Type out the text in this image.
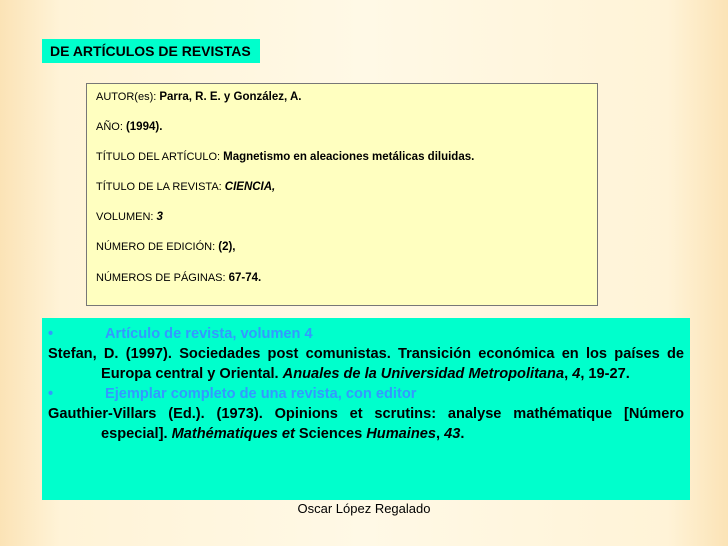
DE ARTÍCULOS DE REVISTAS
AUTOR(es): Parra, R. E. y González, A.
AÑO: (1994).
TÍTULO DEL ARTÍCULO: Magnetismo en aleaciones metálicas diluidas.
TÍTULO DE LA REVISTA: CIENCIA,
VOLUMEN: 3
NÚMERO DE EDICIÓN: (2),
NÚMEROS DE PÁGINAS: 67-74.
•	Artículo de revista, volumen 4

Stefan, D. (1997). Sociedades post comunistas. Transición económica en los países de Europa central y Oriental. Anuales de la Universidad Metropolitana, 4, 19-27.

•	Ejemplar completo de una revista, con editor

Gauthier-Villars (Ed.). (1973). Opinions et scrutins: analyse mathématique [Número especial]. Mathématiques et Sciences Humaines, 43.

Oscar López Regalado
